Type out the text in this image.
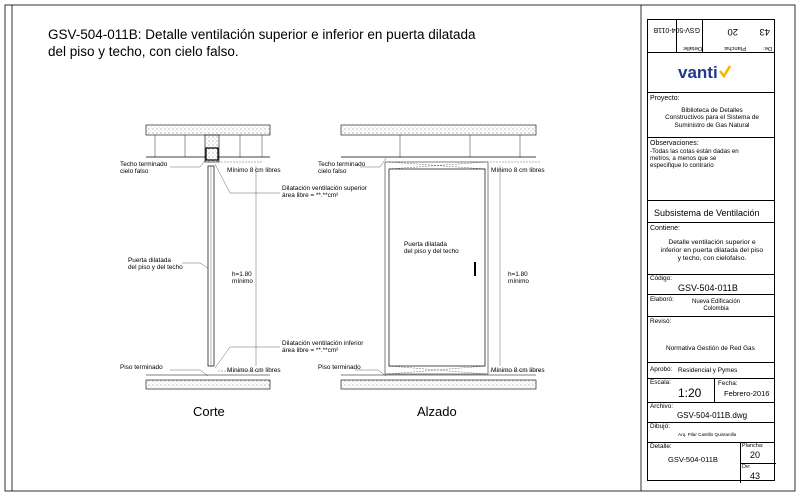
GSV-504-011B: Detalle ventilación superior e inferior en puerta dilatada
del piso y techo, con cielo falso.
Techo terminado
cielo falso	Mínimo 8 cm libres
Dilatación ventilación superior
área libre = **.**cm²
Puerta dilatada
del piso y del techo
h=1.80
mínimo
Dilatación ventilación inferior
área libre = **.**cm²
Piso terminado	Mínimo 8 cm libres
Corte
Techo terminado
cielo falso	Mínimo 8 cm libres
Puerta dilatada
del piso y del techo
h=1.80
mínimo
Piso terminado	Mínimo 8 cm libres
Alzado
De:
43
Plancha:
20
Detalle:
GSV-504-011B
vanti
Proyecto:
Biblioteca de Detalles
Constructivos para el Sistema de
Suministro de Gas Natural
Observaciones:
-Todas las cotas están dadas en
metros, a menos que se
especifique lo contrario
Subsistema de Ventilación
Contiene:
Detalle ventilación superior e
inferior en puerta dilatada del piso
y techo, con cielofalso.
Código:
GSV-504-011B
Elaboró:	Nueva Edificación
Colombia
Revisó:
Normativa Gestión de Red Gas
Aprobó: Residencial y Pymes
Escala:
1:20
Fecha:
Febrero-2016
Archivo:
GSV-504-011B.dwg
Dibujó:
Arq. Pilar Castillo Quintanilla
Detalle:
GSV-504-011B
Plancha:
20
De:
43
